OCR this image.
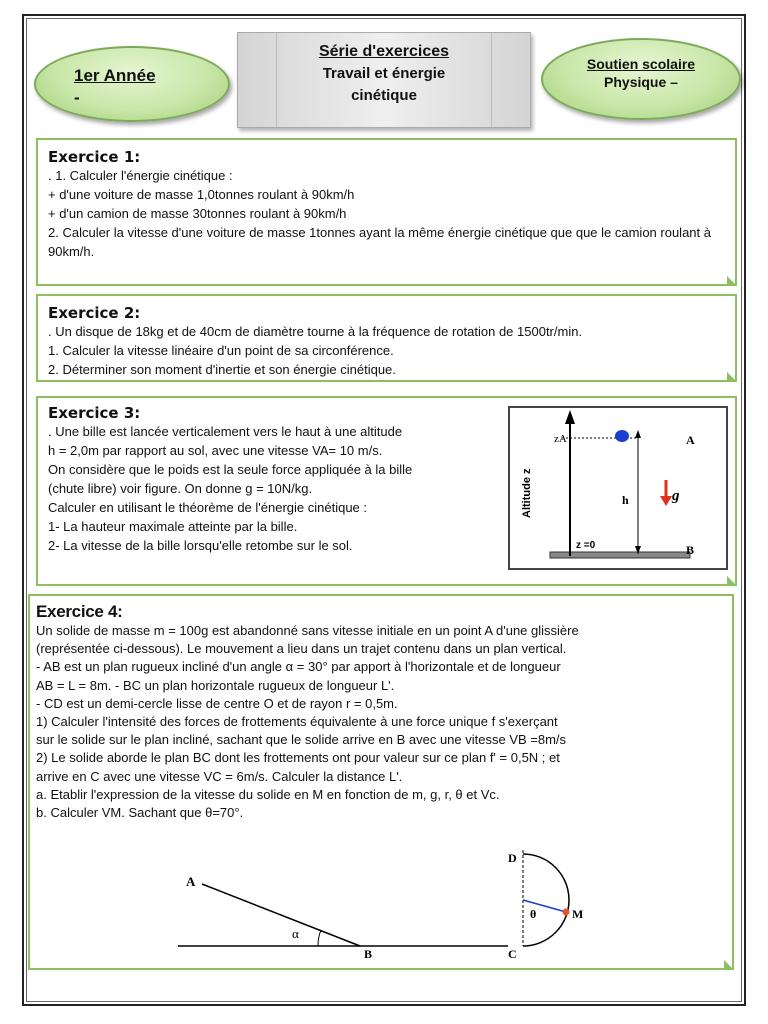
1er Année
-
Série d'exercices
Travail et énergie
cinétique
Soutien scolaire
Physique –
Exercice 1:

. 1. Calculer l'énergie cinétique :

+ d'une voiture de masse 1,0tonnes roulant à 90km/h

+ d'un camion de masse 30tonnes roulant à 90km/h

2. Calculer la vitesse d'une voiture de masse 1tonnes ayant la même énergie cinétique que que le camion roulant à 90km/h.

Exercice 2:

. Un disque de 18kg et de 40cm de diamètre tourne à la fréquence de rotation de 1500tr/min.

1. Calculer la vitesse linéaire d'un point de sa circonférence.

2. Déterminer son moment d'inertie et son énergie cinétique.

Exercice 3:

. Une bille est lancée verticalement vers le haut à une altitude

h = 2,0m par rapport au sol, avec une vitesse VA= 10 m/s.

On considère que le poids est la seule force appliquée à la bille

(chute libre) voir figure. On donne g = 10N/kg.

Calculer en utilisant le théorème de l'énergie cinétique :

1- La hauteur maximale atteinte par la bille.

2- La vitesse de la bille lorsqu'elle retombe sur le sol.

Altitude z
zA
h	g
A
B
z =0
Exercice 4:

Un solide de masse m = 100g est abandonné sans vitesse initiale en un point A d'une glissière

(représentée ci-dessous). Le mouvement a lieu dans un trajet contenu dans un plan vertical.

- AB est un plan rugueux incliné d'un angle α = 30° par apport à l'horizontale et de longueur

AB = L = 8m. - BC un plan horizontale rugueux de longueur L'.

- CD est un demi-cercle lisse de centre O et de rayon r = 0,5m.

1) Calculer l'intensité des forces de frottements équivalente à une force unique f s'exerçant

sur le solide sur le plan incliné, sachant que le solide arrive en B avec une vitesse VB =8m/s

2) Le solide aborde le plan BC dont les frottements ont pour valeur sur ce plan f' = 0,5N ; et

arrive en C avec une vitesse VC = 6m/s. Calculer la distance L'.

a. Etablir l'expression de la vitesse du solide en M en fonction de m, g, r, θ et Vc.

b. Calculer VM. Sachant que θ=70°.

α
A
B	C
D
θ	M
